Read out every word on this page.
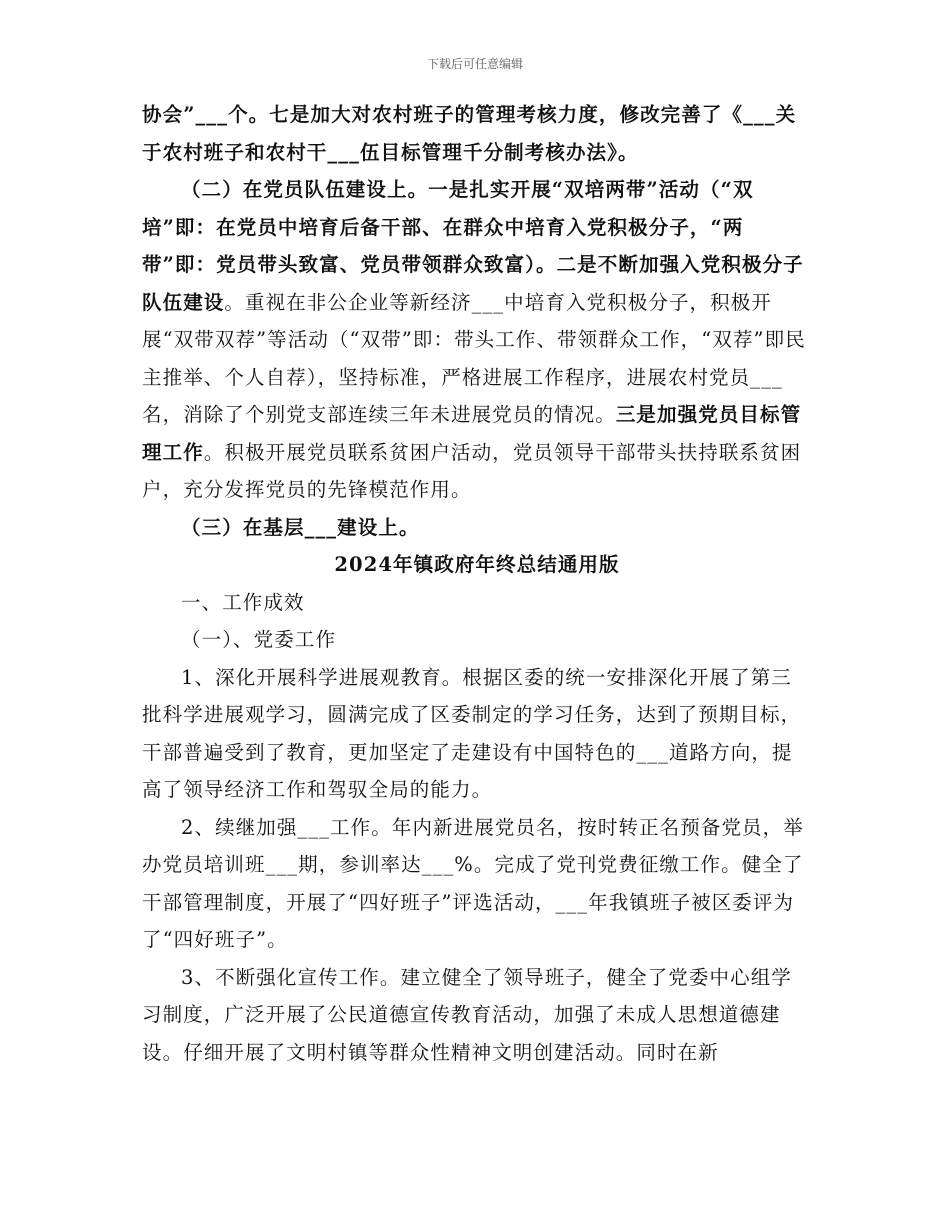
下载后可任意编辑

协会”___个。七是加大对农村班子的管理考核力度，修改完善了《___关于农村班子和农村干___伍目标管理千分制考核办法》。

（二）在党员队伍建设上。一是扎实开展“双培两带”活动（“双培”即：在党员中培育后备干部、在群众中培育入党积极分子，“两带”即：党员带头致富、党员带领群众致富）。二是不断加强入党积极分子队伍建设。重视在非公企业等新经济___中培育入党积极分子，积极开展“双带双荐”等活动（“双带”即：带头工作、带领群众工作，“双荐”即民主推举、个人自荐），坚持标准，严格进展工作程序，进展农村党员___名，消除了个别党支部连续三年未进展党员的情况。三是加强党员目标管理工作。积极开展党员联系贫困户活动，党员领导干部带头扶持联系贫困户，充分发挥党员的先锋模范作用。

（三）在基层___建设上。

2024年镇政府年终总结通用版

一、工作成效

（一）、党委工作

1、深化开展科学进展观教育。根据区委的统一安排深化开展了第三批科学进展观学习，圆满完成了区委制定的学习任务，达到了预期目标，干部普遍受到了教育，更加坚定了走建设有中国特色的___道路方向，提高了领导经济工作和驾驭全局的能力。

2、续继加强___工作。年内新进展党员名，按时转正名预备党员，举办党员培训班___期，参训率达___%。完成了党刊党费征缴工作。健全了干部管理制度，开展了“四好班子”评选活动，___年我镇班子被区委评为了“四好班子”。

3、不断强化宣传工作。建立健全了领导班子，健全了党委中心组学习制度，广泛开展了公民道德宣传教育活动，加强了未成人思想道德建设。仔细开展了文明村镇等群众性精神文明创建活动。同时在新
